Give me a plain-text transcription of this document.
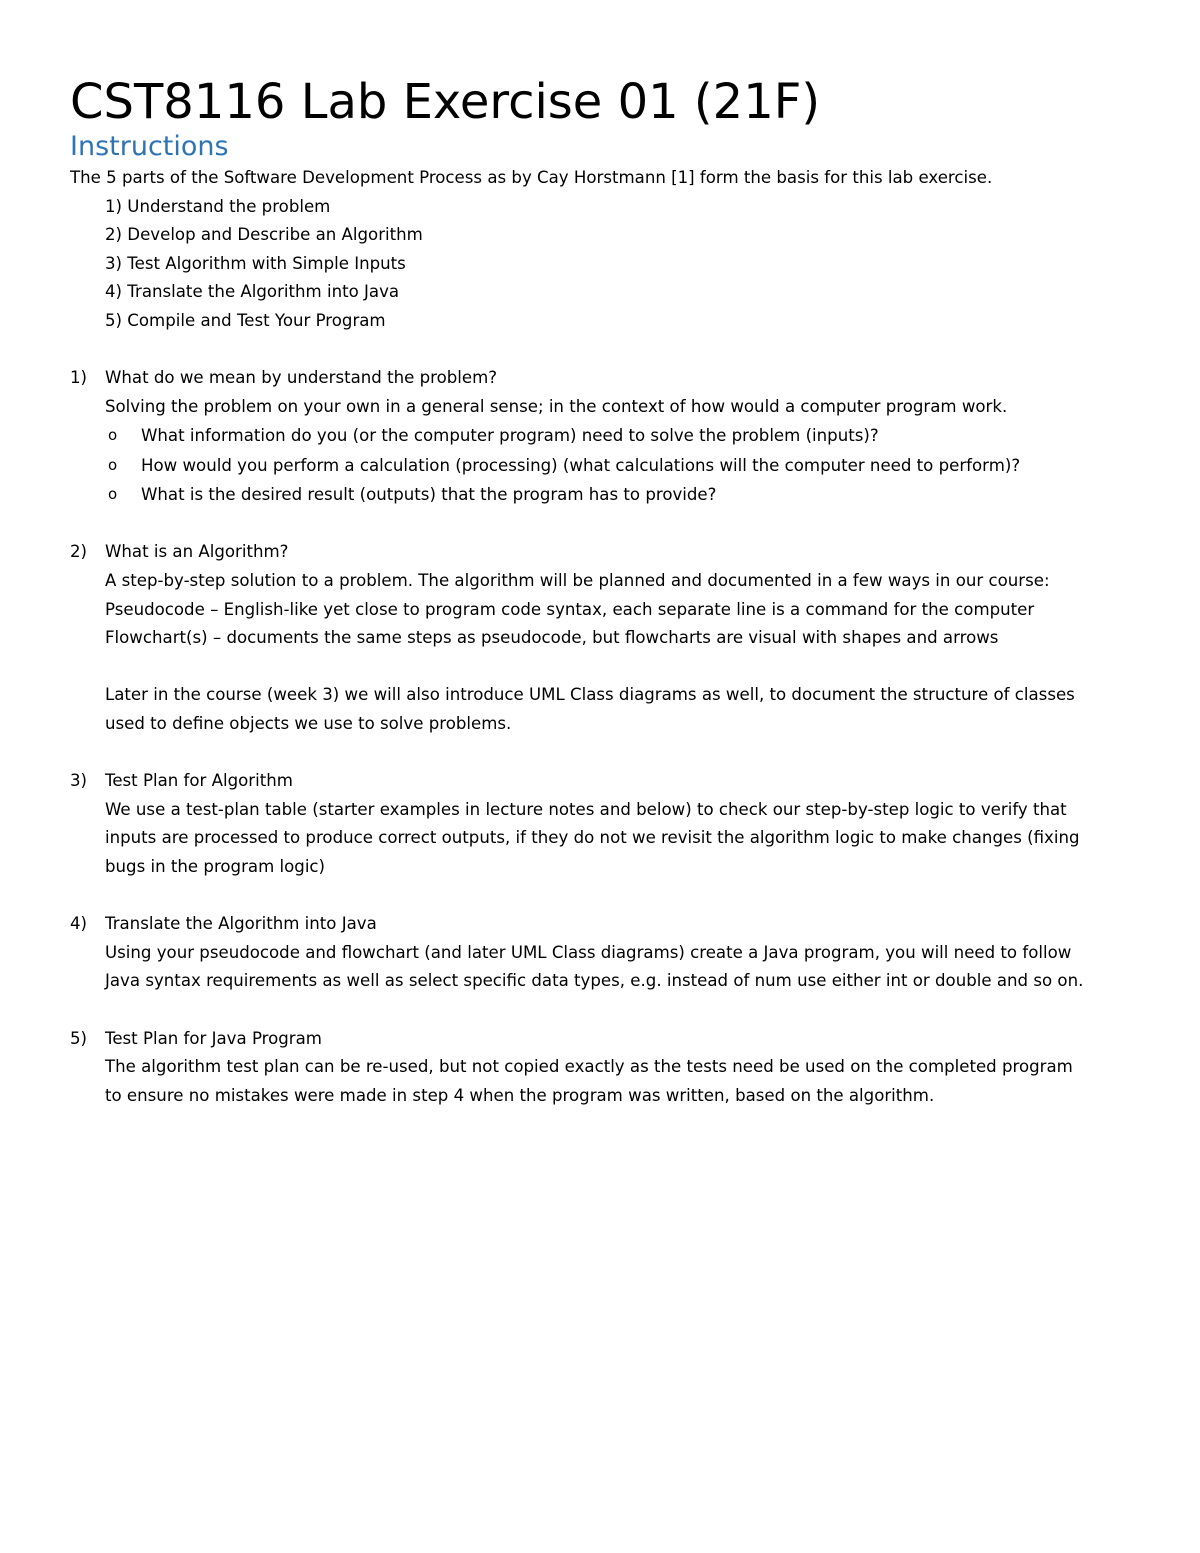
CST8116 Lab Exercise 01 (21F)
Instructions
The 5 parts of the Software Development Process as by Cay Horstmann [1] form the basis for this lab exercise.
1) Understand the problem
2) Develop and Describe an Algorithm
3) Test Algorithm with Simple Inputs
4) Translate the Algorithm into Java
5) Compile and Test Your Program
1) What do we mean by understand the problem?
Solving the problem on your own in a general sense; in the context of how would a computer program work.
o What information do you (or the computer program) need to solve the problem (inputs)?
o How would you perform a calculation (processing) (what calculations will the computer need to perform)?
o What is the desired result (outputs) that the program has to provide?
2) What is an Algorithm?
A step-by-step solution to a problem. The algorithm will be planned and documented in a few ways in our course:
Pseudocode – English-like yet close to program code syntax, each separate line is a command for the computer
Flowchart(s) – documents the same steps as pseudocode, but flowcharts are visual with shapes and arrows
Later in the course (week 3) we will also introduce UML Class diagrams as well, to document the structure of classes
used to define objects we use to solve problems.
3) Test Plan for Algorithm
We use a test-plan table (starter examples in lecture notes and below) to check our step-by-step logic to verify that
inputs are processed to produce correct outputs, if they do not we revisit the algorithm logic to make changes (fixing
bugs in the program logic)
4) Translate the Algorithm into Java
Using your pseudocode and flowchart (and later UML Class diagrams) create a Java program, you will need to follow
Java syntax requirements as well as select specific data types, e.g. instead of num use either int or double and so on.
5) Test Plan for Java Program
The algorithm test plan can be re-used, but not copied exactly as the tests need be used on the completed program
to ensure no mistakes were made in step 4 when the program was written, based on the algorithm.
